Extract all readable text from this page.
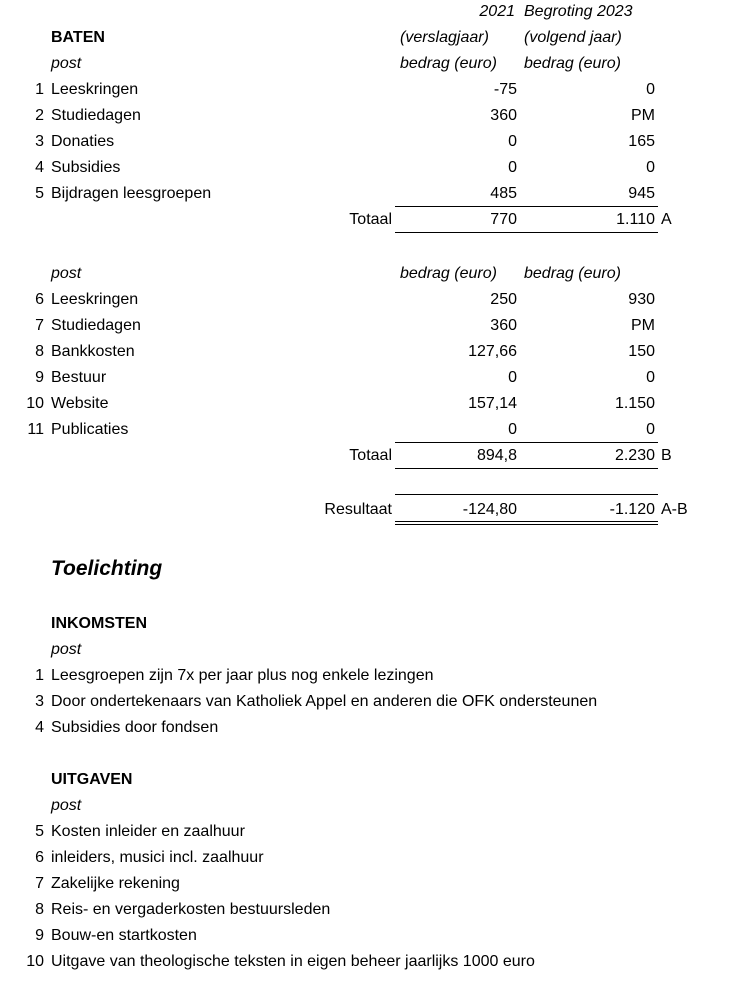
2021 Begroting 2023
BATEN	(verslagjaar) (volgend jaar)
post	bedrag (euro) bedrag (euro)
1 Leeskringen	-75	0
2 Studiedagen	360	PM
3 Donaties	0	165
4 Subsidies	0	0
5 Bijdragen leesgroepen	485	945
Totaal	770	1.110 A
post	bedrag (euro) bedrag (euro)
6 Leeskringen	250	930
7 Studiedagen	360	PM
8 Bankkosten	127,66	150
9 Bestuur	0	0
10 Website	157,14	1.150
11 Publicaties	0	0
Totaal	894,8	2.230 B
Resultaat	-124,80	-1.120 A-B
Toelichting
INKOMSTEN
post
1 Leesgroepen zijn 7x per jaar plus nog enkele lezingen
3 Door ondertekenaars van Katholiek Appel en anderen die OFK ondersteunen
4 Subsidies door fondsen
UITGAVEN
post
5 Kosten inleider en zaalhuur
6 inleiders, musici incl. zaalhuur
7 Zakelijke rekening
8 Reis- en vergaderkosten bestuursleden
9 Bouw-en startkosten
10 Uitgave van theologische teksten in eigen beheer jaarlijks 1000 euro
